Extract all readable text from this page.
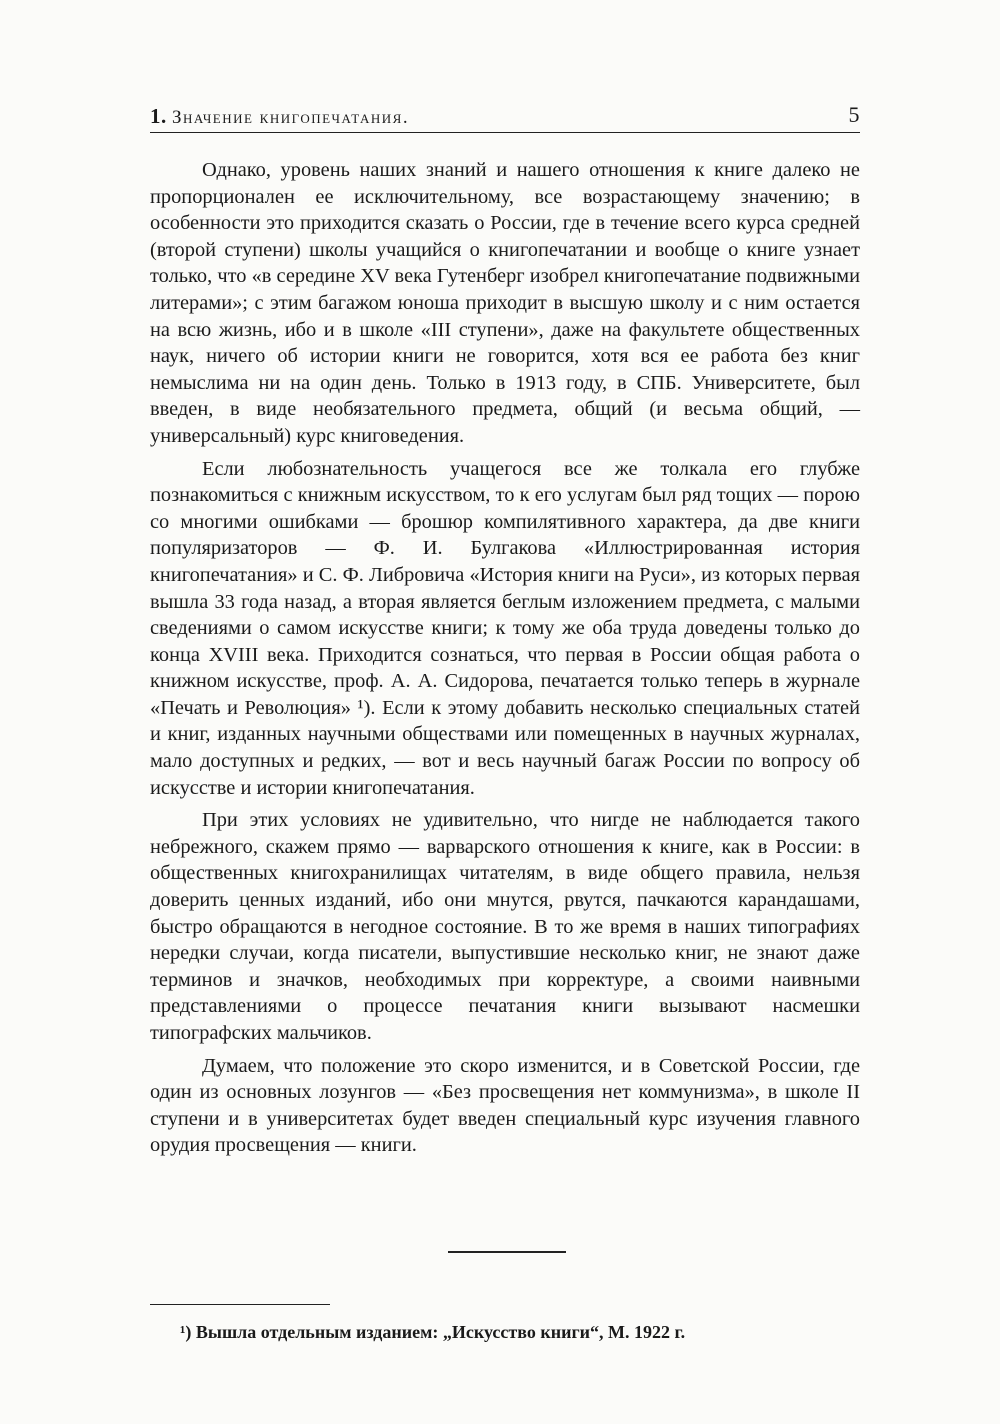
1. Значение книгопечатания.	5

Однако, уровень наших знаний и нашего отношения к книге далеко не пропорционален ее исключительному, все возрастающему значению; в особенности это приходится сказать о России, где в течение всего курса средней (второй ступени) школы учащийся о книгопечатании и вообще о книге узнает только, что «в середине XV века Гутенберг изобрел книгопечатание подвижными литерами»; с этим багажом юноша приходит в высшую школу и с ним остается на всю жизнь, ибо и в школе «III ступени», даже на факультете общественных наук, ничего об истории книги не говорится, хотя вся ее работа без книг немыслима ни на один день. Только в 1913 году, в СПБ. Университете, был введен, в виде необязательного предмета, общий (и весьма общий, — универсальный) курс книговедения.

Если любознательность учащегося все же толкала его глубже познакомиться с книжным искусством, то к его услугам был ряд тощих — порою со многими ошибками — брошюр компилятивного характера, да две книги популяризаторов — Ф. И. Булгакова «Иллюстрированная история книгопечатания» и С. Ф. Либровича «История книги на Руси», из которых первая вышла 33 года назад, а вторая является беглым изложением предмета, с малыми сведениями о самом искусстве книги; к тому же оба труда доведены только до конца XVIII века. Приходится сознаться, что первая в России общая работа о книжном искусстве, проф. А. А. Сидорова, печатается только теперь в журнале «Печать и Революция» ¹). Если к этому добавить несколько специальных статей и книг, изданных научными обществами или помещенных в научных журналах, мало доступных и редких, — вот и весь научный багаж России по вопросу об искусстве и истории книгопечатания.

При этих условиях не удивительно, что нигде не наблюдается такого небрежного, скажем прямо — варварского отношения к книге, как в России: в общественных книгохранилищах читателям, в виде общего правила, нельзя доверить ценных изданий, ибо они мнутся, рвутся, пачкаются карандашами, быстро обращаются в негодное состояние. В то же время в наших типографиях нередки случаи, когда писатели, выпустившие несколько книг, не знают даже терминов и значков, необходимых при корректуре, а своими наивными представлениями о процессе печатания книги вызывают насмешки типографских мальчиков.

Думаем, что положение это скоро изменится, и в Советской России, где один из основных лозунгов — «Без просвещения нет коммунизма», в школе II ступени и в университетах будет введен специальный курс изучения главного орудия просвещения — книги.

¹) Вышла отдельным изданием: „Искусство книги“, М. 1922 г.
